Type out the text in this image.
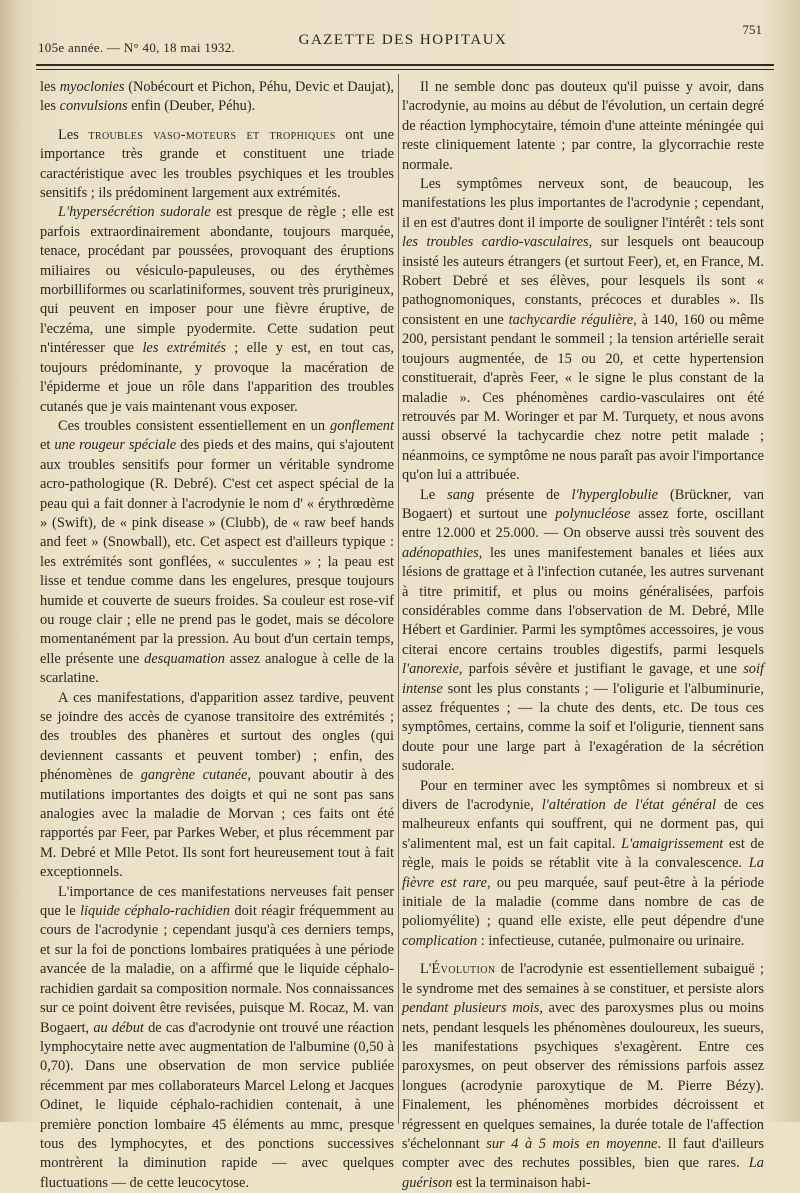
105e année. — N° 40, 18 mai 1932.	GAZETTE DES HOPITAUX
751

les myoclonies (Nobécourt et Pichon, Péhu, Devic et Daujat), les convulsions enfin (Deuber, Péhu).

Les troubles vaso-moteurs et trophiques ont une importance très grande et constituent une triade caractéristique avec les troubles psychiques et les troubles sensitifs ; ils prédominent largement aux extrémités.

L'hypersécrétion sudorale est presque de règle ; elle est parfois extraordinairement abondante, toujours marquée, tenace, procédant par poussées, provoquant des éruptions miliaires ou vésiculo-papuleuses, ou des érythèmes morbilliformes ou scarlatiniformes, souvent très prurigineux, qui peuvent en imposer pour une fièvre éruptive, de l'eczéma, une simple pyodermite. Cette sudation peut n'intéresser que les extrémités ; elle y est, en tout cas, toujours prédominante, y provoque la macération de l'épiderme et joue un rôle dans l'apparition des troubles cutanés que je vais maintenant vous exposer.

Ces troubles consistent essentiellement en un gonflement et une rougeur spéciale des pieds et des mains, qui s'ajoutent aux troubles sensitifs pour former un véritable syndrome acro-pathologique (R. Debré). C'est cet aspect spécial de la peau qui a fait donner à l'acrodynie le nom d' « érythrœdème » (Swift), de « pink disease » (Clubb), de « raw beef hands and feet » (Snowball), etc. Cet aspect est d'ailleurs typique : les extrémités sont gonflées, « succulentes » ; la peau est lisse et tendue comme dans les engelures, presque toujours humide et couverte de sueurs froides. Sa couleur est rose-vif ou rouge clair ; elle ne prend pas le godet, mais se décolore momentanément par la pression. Au bout d'un certain temps, elle présente une desquamation assez analogue à celle de la scarlatine.

A ces manifestations, d'apparition assez tardive, peuvent se joindre des accès de cyanose transitoire des extrémités ; des troubles des phanères et surtout des ongles (qui deviennent cassants et peuvent tomber) ; enfin, des phénomènes de gangrène cutanée, pouvant aboutir à des mutilations importantes des doigts et qui ne sont pas sans analogies avec la maladie de Morvan ; ces faits ont été rapportés par Feer, par Parkes Weber, et plus récemment par M. Debré et Mlle Petot. Ils sont fort heureusement tout à fait exceptionnels.

L'importance de ces manifestations nerveuses fait penser que le liquide céphalo-rachidien doit réagir fréquemment au cours de l'acrodynie ; cependant jusqu'à ces derniers temps, et sur la foi de ponctions lombaires pratiquées à une période avancée de la maladie, on a affirmé que le liquide céphalo-rachidien gardait sa composition normale. Nos connaissances sur ce point doivent être revisées, puisque M. Rocaz, M. van Bogaert, au début de cas d'acrodynie ont trouvé une réaction lymphocytaire nette avec augmentation de l'albumine (0,50 à 0,70). Dans une observation de mon service publiée récemment par mes collaborateurs Marcel Lelong et Jacques Odinet, le liquide céphalo-rachidien contenait, à une première ponction lombaire 45 éléments au mmc, presque tous des lymphocytes, et des ponctions successives montrèrent la diminution rapide — avec quelques fluctuations — de cette leucocytose.

Il ne semble donc pas douteux qu'il puisse y avoir, dans l'acrodynie, au moins au début de l'évolution, un certain degré de réaction lymphocytaire, témoin d'une atteinte méningée qui reste cliniquement latente ; par contre, la glycorrachie reste normale.

Les symptômes nerveux sont, de beaucoup, les manifestations les plus importantes de l'acrodynie ; cependant, il en est d'autres dont il importe de souligner l'intérêt : tels sont les troubles cardio-vasculaires, sur lesquels ont beaucoup insisté les auteurs étrangers (et surtout Feer), et, en France, M. Robert Debré et ses élèves, pour lesquels ils sont « pathognomoniques, constants, précoces et durables ». Ils consistent en une tachycardie régulière, à 140, 160 ou même 200, persistant pendant le sommeil ; la tension artérielle serait toujours augmentée, de 15 ou 20, et cette hypertension constituerait, d'après Feer, « le signe le plus constant de la maladie ». Ces phénomènes cardio-vasculaires ont été retrouvés par M. Woringer et par M. Turquety, et nous avons aussi observé la tachycardie chez notre petit malade ; néanmoins, ce symptôme ne nous paraît pas avoir l'importance qu'on lui a attribuée.

Le sang présente de l'hyperglobulie (Brückner, van Bogaert) et surtout une polynucléose assez forte, oscillant entre 12.000 et 25.000. — On observe aussi très souvent des adénopathies, les unes manifestement banales et liées aux lésions de grattage et à l'infection cutanée, les autres survenant à titre primitif, et plus ou moins généralisées, parfois considérables comme dans l'observation de M. Debré, Mlle Hébert et Gardinier. Parmi les symptômes accessoires, je vous citerai encore certains troubles digestifs, parmi lesquels l'anorexie, parfois sévère et justifiant le gavage, et une soif intense sont les plus constants ; — l'oligurie et l'albuminurie, assez fréquentes ; — la chute des dents, etc. De tous ces symptômes, certains, comme la soif et l'oligurie, tiennent sans doute pour une large part à l'exagération de la sécrétion sudorale.

Pour en terminer avec les symptômes si nombreux et si divers de l'acrodynie, l'altération de l'état général de ces malheureux enfants qui souffrent, qui ne dorment pas, qui s'alimentent mal, est un fait capital. L'amaigrissement est de règle, mais le poids se rétablit vite à la convalescence. La fièvre est rare, ou peu marquée, sauf peut-être à la période initiale de la maladie (comme dans nombre de cas de poliomyélite) ; quand elle existe, elle peut dépendre d'une complication : infectieuse, cutanée, pulmonaire ou urinaire.

L'Évolution de l'acrodynie est essentiellement subaiguë ; le syndrome met des semaines à se constituer, et persiste alors pendant plusieurs mois, avec des paroxysmes plus ou moins nets, pendant lesquels les phénomènes douloureux, les sueurs, les manifestations psychiques s'exagèrent. Entre ces paroxysmes, on peut observer des rémissions parfois assez longues (acrodynie paroxytique de M. Pierre Bézy). Finalement, les phénomènes morbides décroissent et régressent en quelques semaines, la durée totale de l'affection s'échelonnant sur 4 à 5 mois en moyenne. Il faut d'ailleurs compter avec des rechutes possibles, bien que rares. La guérison est la terminaison habi-
